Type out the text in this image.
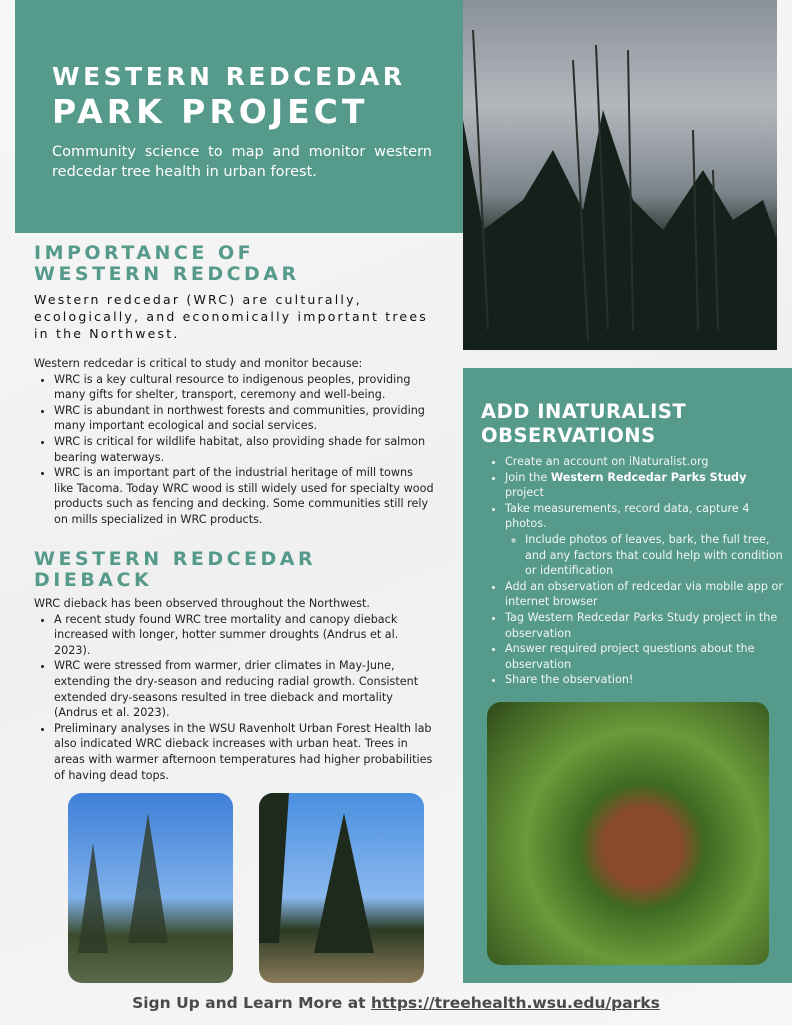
WESTERN REDCEDAR
PARK PROJECT
Community science to map and monitor western redcedar tree health in urban forest.
IMPORTANCE OF
WESTERN REDCDAR

Western redcedar (WRC) are culturally, ecologically, and economically important trees in the Northwest.

Western redcedar is critical to study and monitor because:

• WRC is a key cultural resource to indigenous peoples, providing many gifts for shelter, transport, ceremony and well-being.
• WRC is abundant in northwest forests and communities, providing many important ecological and social services.
• WRC is critical for wildlife habitat, also providing shade for salmon bearing waterways.
• WRC is an important part of the industrial heritage of mill towns like Tacoma. Today WRC wood is still widely used for specialty wood products such as fencing and decking. Some communities still rely on mills specialized in WRC products.
WESTERN REDCEDAR
DIEBACK

WRC dieback has been observed throughout the Northwest.

• A recent study found WRC tree mortality and canopy dieback increased with longer, hotter summer droughts (Andrus et al. 2023).
• WRC were stressed from warmer, drier climates in May-June, extending the dry-season and reducing radial growth. Consistent extended dry-seasons resulted in tree dieback and mortality (Andrus et al. 2023).
• Preliminary analyses in the WSU Ravenholt Urban Forest Health lab also indicated WRC dieback increases with urban heat. Trees in areas with warmer afternoon temperatures had higher probabilities of having dead tops.
ADD INATURALIST
OBSERVATIONS
• Create an account on iNaturalist.org
• Join the Western Redcedar Parks Study project
• Take measurements, record data, capture 4 photos.
◦ Include photos of leaves, bark, the full tree, and any factors that could help with condition or identification
• Add an observation of redcedar via mobile app or internet browser
• Tag Western Redcedar Parks Study project in the observation
• Answer required project questions about the observation
• Share the observation!
Sign Up and Learn More at https://treehealth.wsu.edu/parks
